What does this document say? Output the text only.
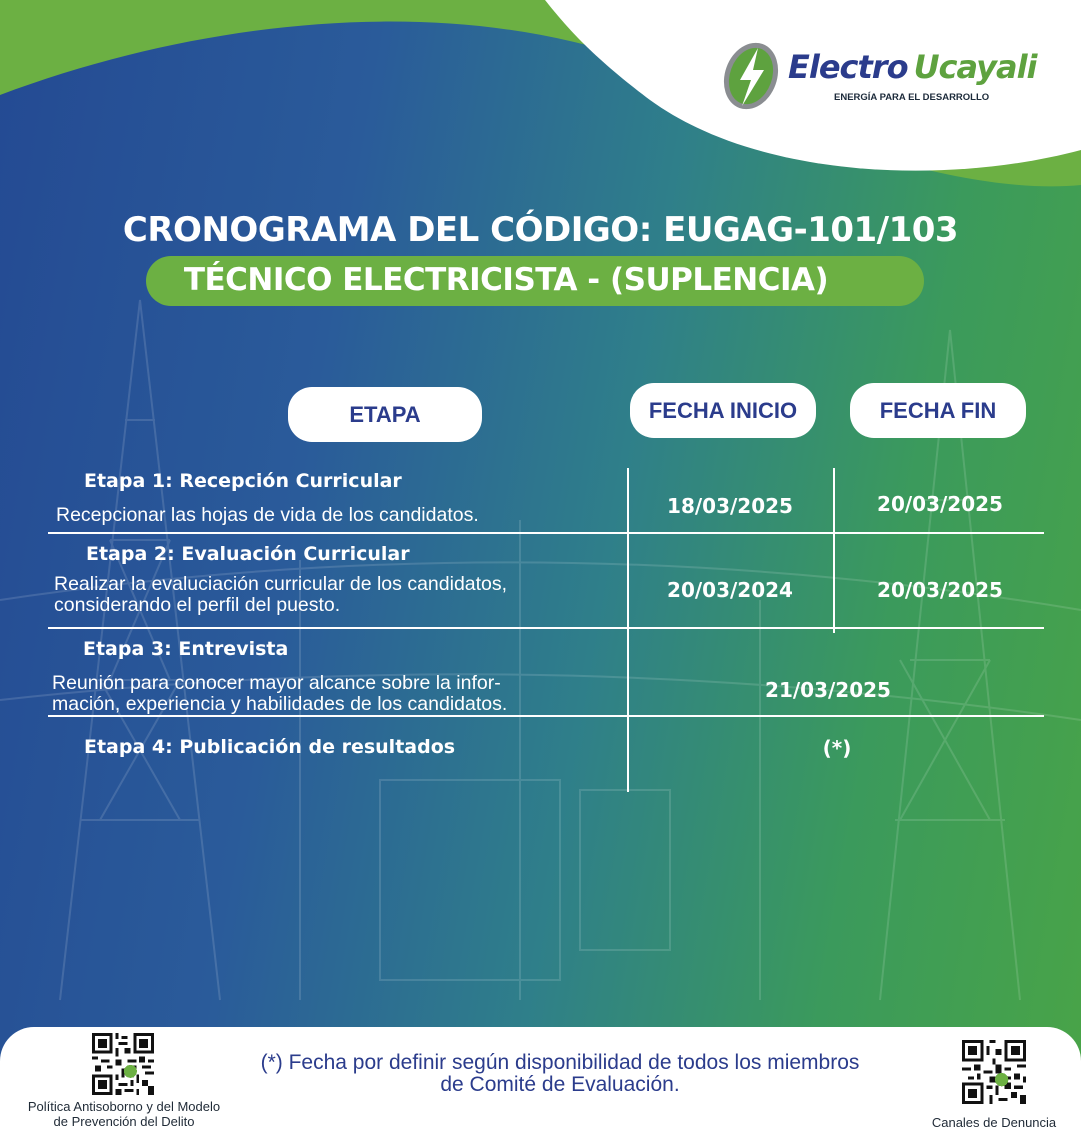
Electro Ucayali
ENERGÍA PARA EL DESARROLLO
CRONOGRAMA DEL CÓDIGO: EUGAG-101/103
TÉCNICO ELECTRICISTA - (SUPLENCIA)
ETAPA	FECHA INICIO	FECHA FIN
Etapa 1: Recepción Curricular
Recepcionar las hojas de vida de los candidatos.	18/03/2025	20/03/2025
Etapa 2: Evaluación Curricular
Realizar la evaluciación curricular de los candidatos,
considerando el perfil del puesto.
20/03/2024	20/03/2025
Etapa 3: Entrevista
Reunión para conocer mayor alcance sobre la infor-
mación, experiencia y habilidades de los candidatos.
21/03/2025
Etapa 4: Publicación de resultados	(*)
Política Antisoborno y del Modelo
de Prevención del Delito
(*) Fecha por definir según disponibilidad de todos los miembros
de Comité de Evaluación.
Canales de Denuncia
